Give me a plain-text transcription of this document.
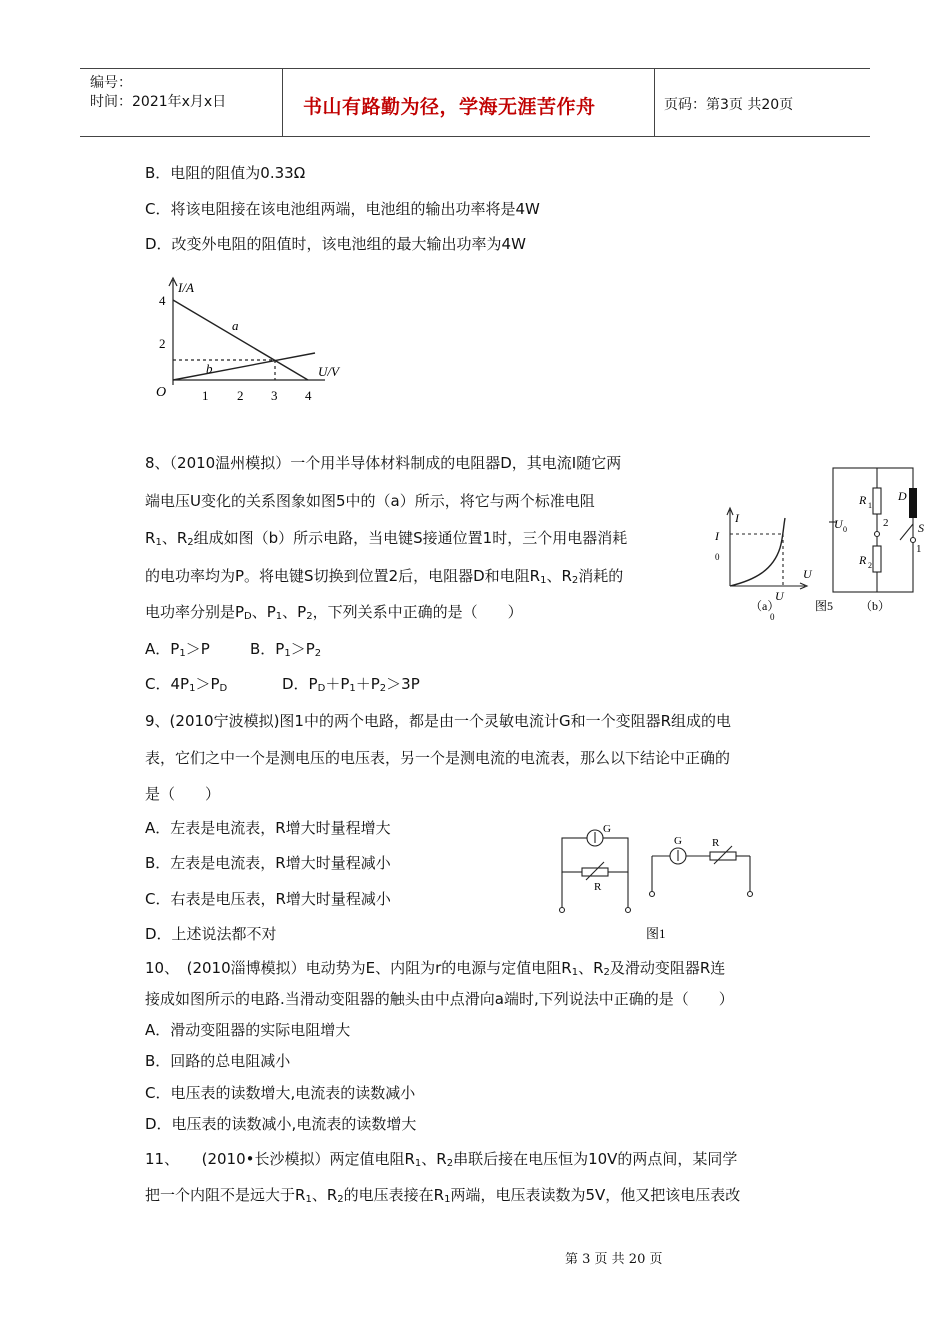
编号：
时间：2021年x月x日	书山有路勤为径，学海无涯苦作舟	页码：第3页 共20页
B．电阻的阻值为0.33Ω
C．将该电阻接在该电池组两端，电池组的输出功率将是4W
D．改变外电阻的阻值时，该电池组的最大输出功率为4W
I/A
U/V
O
4
2
1 2 3 4
a
b
8、（2010温州模拟）一个用半导体材料制成的电阻器D，其电流I随它两
端电压U变化的关系图象如图5中的（a）所示，将它与两个标准电阻
$R_1$、$R_2$组成如图（b）所示电路，当电键S接通位置1时，三个用电器消耗
的电功率均为P。将电键S切换到位置2后，电阻器D和电阻$R_1$、$R_2$消耗的
电功率分别是$P_D$、$P_1$、$P_2$，下列关系中正确的是（　　）
A．$P_1>P$	B．$P_1>P_2$
C．$4P_1>P_D$	D．$P_D+P_1+P_2>3P$
I
I
0
U
U
0
（a）	图5
R 1
R 2
D
S
2
1
U 0
（b）
9、(2010宁波模拟)图1中的两个电路，都是由一个灵敏电流计G和一个变阻器R组成的电
表，它们之中一个是测电压的电压表，另一个是测电流的电流表，那么以下结论中正确的
是（　　）
A．左表是电流表，R增大时量程增大
B．左表是电流表，R增大时量程减小
C．右表是电压表，R增大时量程减小
D．上述说法都不对
G
R
G	R
图1
10、　(2010淄博模拟）电动势为E、内阻为r的电源与定值电阻$R_1$、$R_2$及滑动变阻器R连
接成如图所示的电路.当滑动变阻器的触头由中点滑向a端时,下列说法中正确的是（　　）
A．滑动变阻器的实际电阻增大
B．回路的总电阻减小
C．电压表的读数增大,电流表的读数减小
D．电压表的读数减小,电流表的读数增大
11、　　(2010•长沙模拟）两定值电阻$R_1$、$R_2$串联后接在电压恒为10V的两点间，某同学
把一个内阻不是远大于$R_1$、$R_2$的电压表接在$R_1$两端，电压表读数为5V，他又把该电压表改
第 3 页 共 20 页
